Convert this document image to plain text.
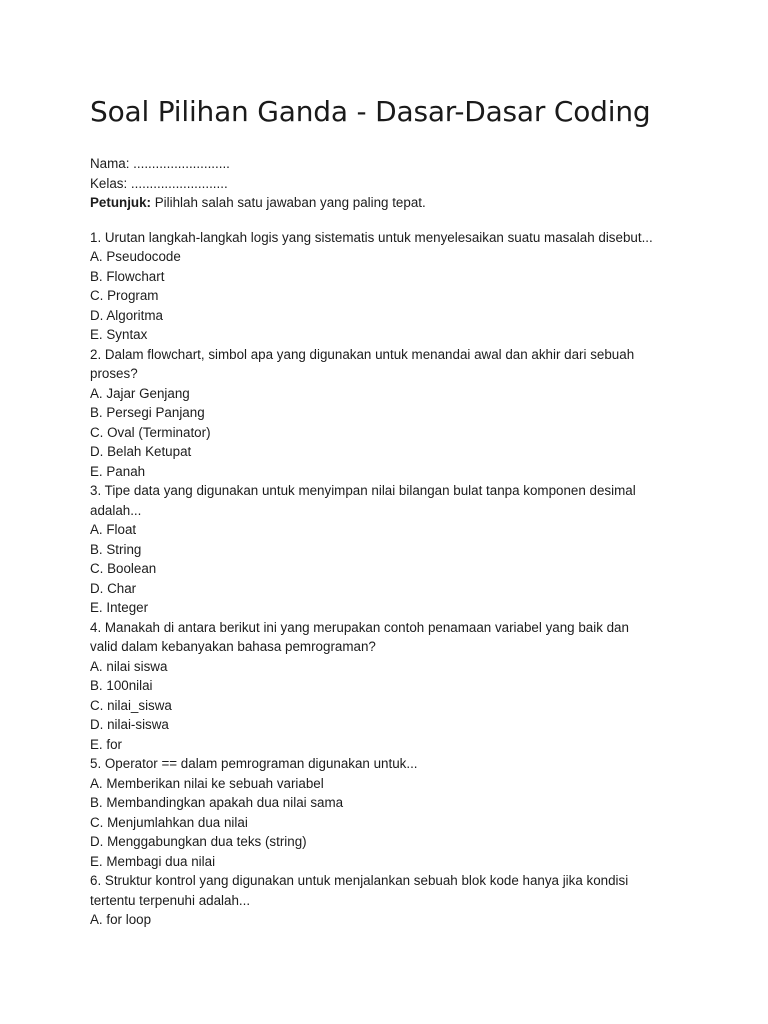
Soal Pilihan Ganda - Dasar-Dasar Coding
Nama: ..........................
Kelas: ..........................
Petunjuk: Pilihlah salah satu jawaban yang paling tepat.
1. Urutan langkah-langkah logis yang sistematis untuk menyelesaikan suatu masalah disebut...
A. Pseudocode
B. Flowchart
C. Program
D. Algoritma
E. Syntax
2. Dalam flowchart, simbol apa yang digunakan untuk menandai awal dan akhir dari sebuah
proses?
A. Jajar Genjang
B. Persegi Panjang
C. Oval (Terminator)
D. Belah Ketupat
E. Panah
3. Tipe data yang digunakan untuk menyimpan nilai bilangan bulat tanpa komponen desimal
adalah...
A. Float
B. String
C. Boolean
D. Char
E. Integer
4. Manakah di antara berikut ini yang merupakan contoh penamaan variabel yang baik dan
valid dalam kebanyakan bahasa pemrograman?
A. nilai siswa
B. 100nilai
C. nilai_siswa
D. nilai-siswa
E. for
5. Operator == dalam pemrograman digunakan untuk...
A. Memberikan nilai ke sebuah variabel
B. Membandingkan apakah dua nilai sama
C. Menjumlahkan dua nilai
D. Menggabungkan dua teks (string)
E. Membagi dua nilai
6. Struktur kontrol yang digunakan untuk menjalankan sebuah blok kode hanya jika kondisi
tertentu terpenuhi adalah...
A. for loop
